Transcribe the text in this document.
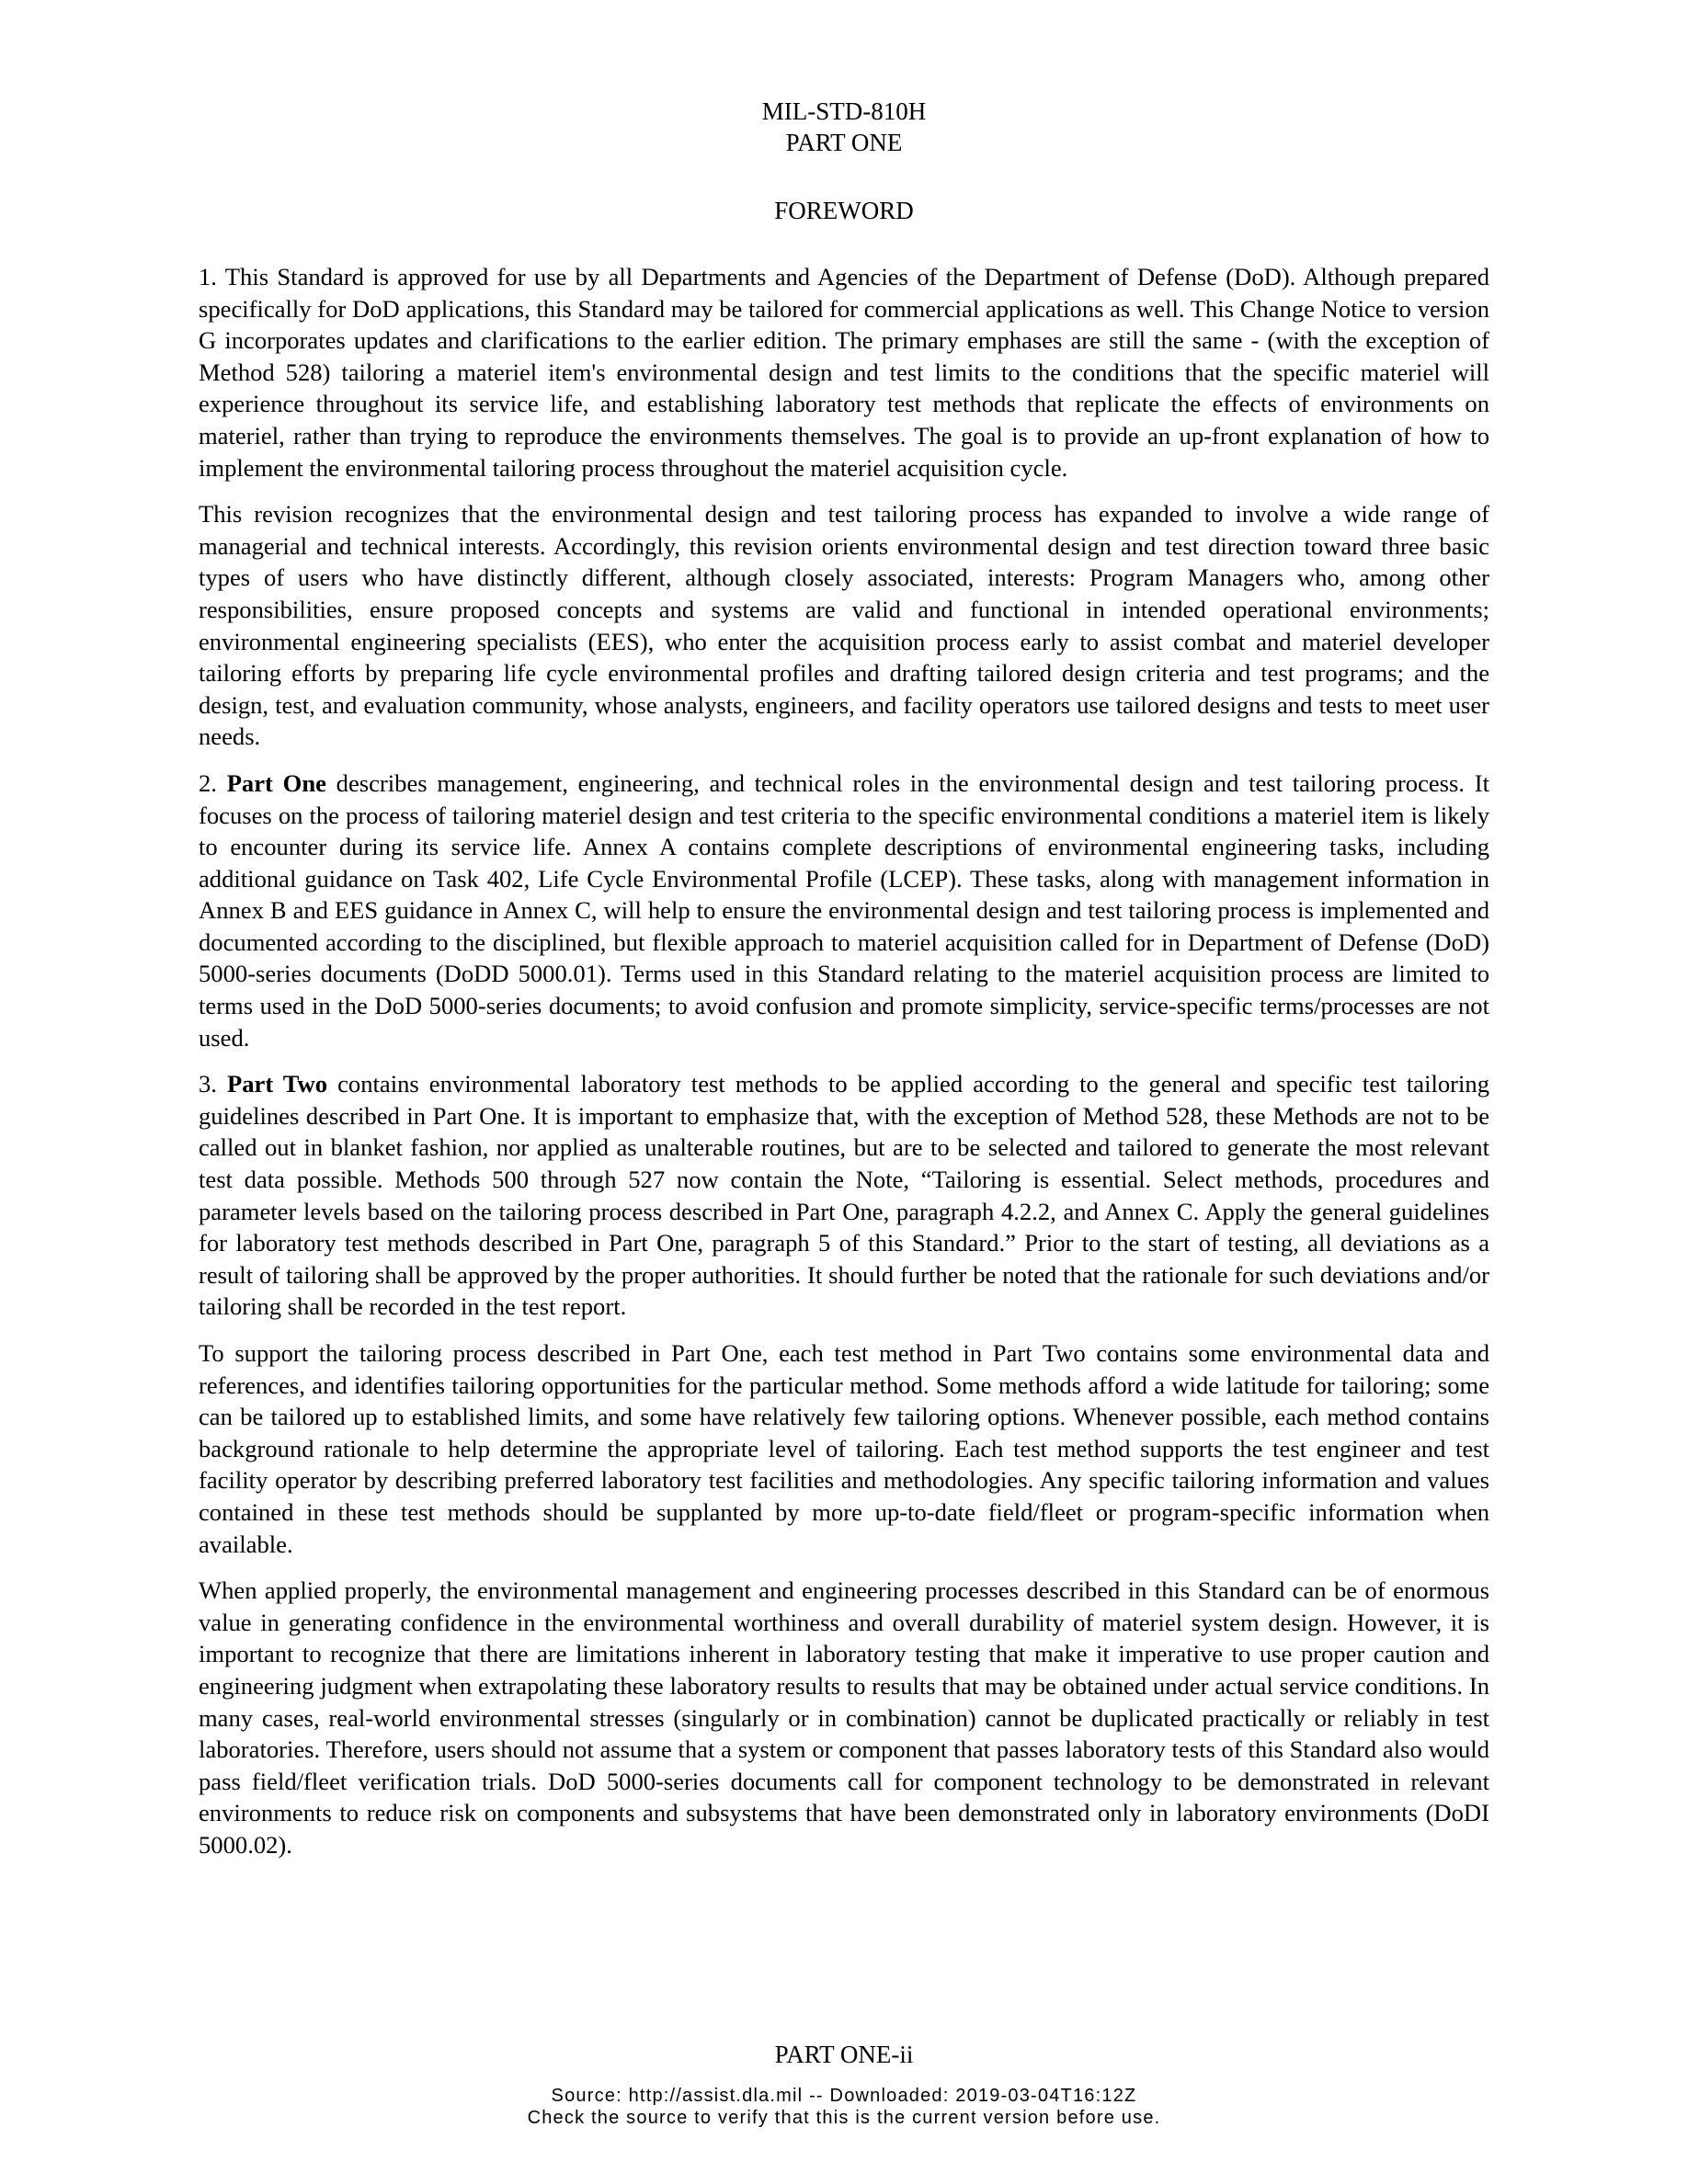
MIL-STD-810H
PART ONE
FOREWORD

1. This Standard is approved for use by all Departments and Agencies of the Department of Defense (DoD). Although prepared specifically for DoD applications, this Standard may be tailored for commercial applications as well. This Change Notice to version G incorporates updates and clarifications to the earlier edition. The primary emphases are still the same - (with the exception of Method 528) tailoring a materiel item's environmental design and test limits to the conditions that the specific materiel will experience throughout its service life, and establishing laboratory test methods that replicate the effects of environments on materiel, rather than trying to reproduce the environments themselves. The goal is to provide an up-front explanation of how to implement the environmental tailoring process throughout the materiel acquisition cycle.

This revision recognizes that the environmental design and test tailoring process has expanded to involve a wide range of managerial and technical interests. Accordingly, this revision orients environmental design and test direction toward three basic types of users who have distinctly different, although closely associated, interests: Program Managers who, among other responsibilities, ensure proposed concepts and systems are valid and functional in intended operational environments; environmental engineering specialists (EES), who enter the acquisition process early to assist combat and materiel developer tailoring efforts by preparing life cycle environmental profiles and drafting tailored design criteria and test programs; and the design, test, and evaluation community, whose analysts, engineers, and facility operators use tailored designs and tests to meet user needs.

2. Part One describes management, engineering, and technical roles in the environmental design and test tailoring process. It focuses on the process of tailoring materiel design and test criteria to the specific environmental conditions a materiel item is likely to encounter during its service life. Annex A contains complete descriptions of environmental engineering tasks, including additional guidance on Task 402, Life Cycle Environmental Profile (LCEP). These tasks, along with management information in Annex B and EES guidance in Annex C, will help to ensure the environmental design and test tailoring process is implemented and documented according to the disciplined, but flexible approach to materiel acquisition called for in Department of Defense (DoD) 5000-series documents (DoDD 5000.01). Terms used in this Standard relating to the materiel acquisition process are limited to terms used in the DoD 5000-series documents; to avoid confusion and promote simplicity, service-specific terms/processes are not used.

3. Part Two contains environmental laboratory test methods to be applied according to the general and specific test tailoring guidelines described in Part One. It is important to emphasize that, with the exception of Method 528, these Methods are not to be called out in blanket fashion, nor applied as unalterable routines, but are to be selected and tailored to generate the most relevant test data possible. Methods 500 through 527 now contain the Note, “Tailoring is essential. Select methods, procedures and parameter levels based on the tailoring process described in Part One, paragraph 4.2.2, and Annex C. Apply the general guidelines for laboratory test methods described in Part One, paragraph 5 of this Standard.” Prior to the start of testing, all deviations as a result of tailoring shall be approved by the proper authorities. It should further be noted that the rationale for such deviations and/or tailoring shall be recorded in the test report.

To support the tailoring process described in Part One, each test method in Part Two contains some environmental data and references, and identifies tailoring opportunities for the particular method. Some methods afford a wide latitude for tailoring; some can be tailored up to established limits, and some have relatively few tailoring options. Whenever possible, each method contains background rationale to help determine the appropriate level of tailoring. Each test method supports the test engineer and test facility operator by describing preferred laboratory test facilities and methodologies. Any specific tailoring information and values contained in these test methods should be supplanted by more up-to-date field/fleet or program-specific information when available.

When applied properly, the environmental management and engineering processes described in this Standard can be of enormous value in generating confidence in the environmental worthiness and overall durability of materiel system design. However, it is important to recognize that there are limitations inherent in laboratory testing that make it imperative to use proper caution and engineering judgment when extrapolating these laboratory results to results that may be obtained under actual service conditions. In many cases, real-world environmental stresses (singularly or in combination) cannot be duplicated practically or reliably in test laboratories. Therefore, users should not assume that a system or component that passes laboratory tests of this Standard also would pass field/fleet verification trials. DoD 5000-series documents call for component technology to be demonstrated in relevant environments to reduce risk on components and subsystems that have been demonstrated only in laboratory environments (DoDI 5000.02).

PART ONE-ii
Source: http://assist.dla.mil -- Downloaded: 2019-03-04T16:12Z
Check the source to verify that this is the current version before use.
